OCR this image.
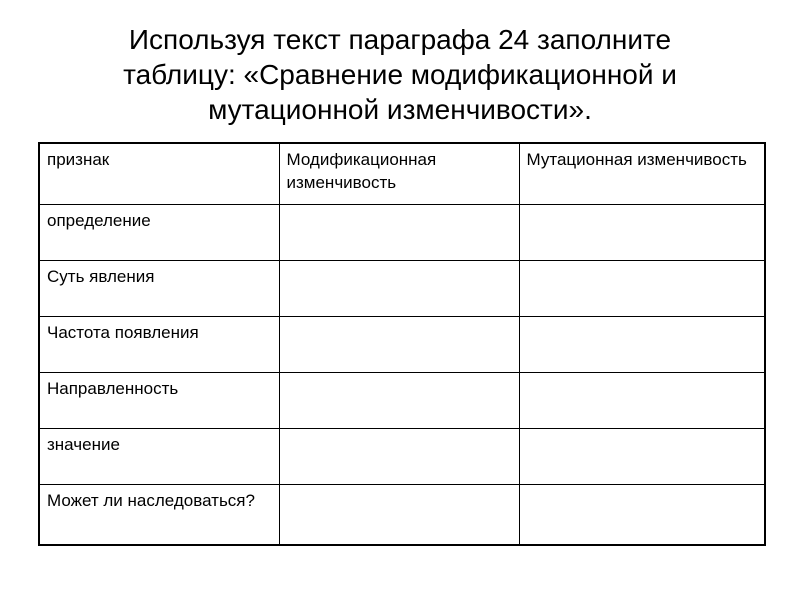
Используя текст параграфа 24 заполните
таблицу: «Сравнение модификационной и
мутационной изменчивости».
признак	Модификационная изменчивость	Мутационная изменчивость
определение		
Суть явления		
Частота появления		
Направленность		
значение		
Может ли наследоваться?		
